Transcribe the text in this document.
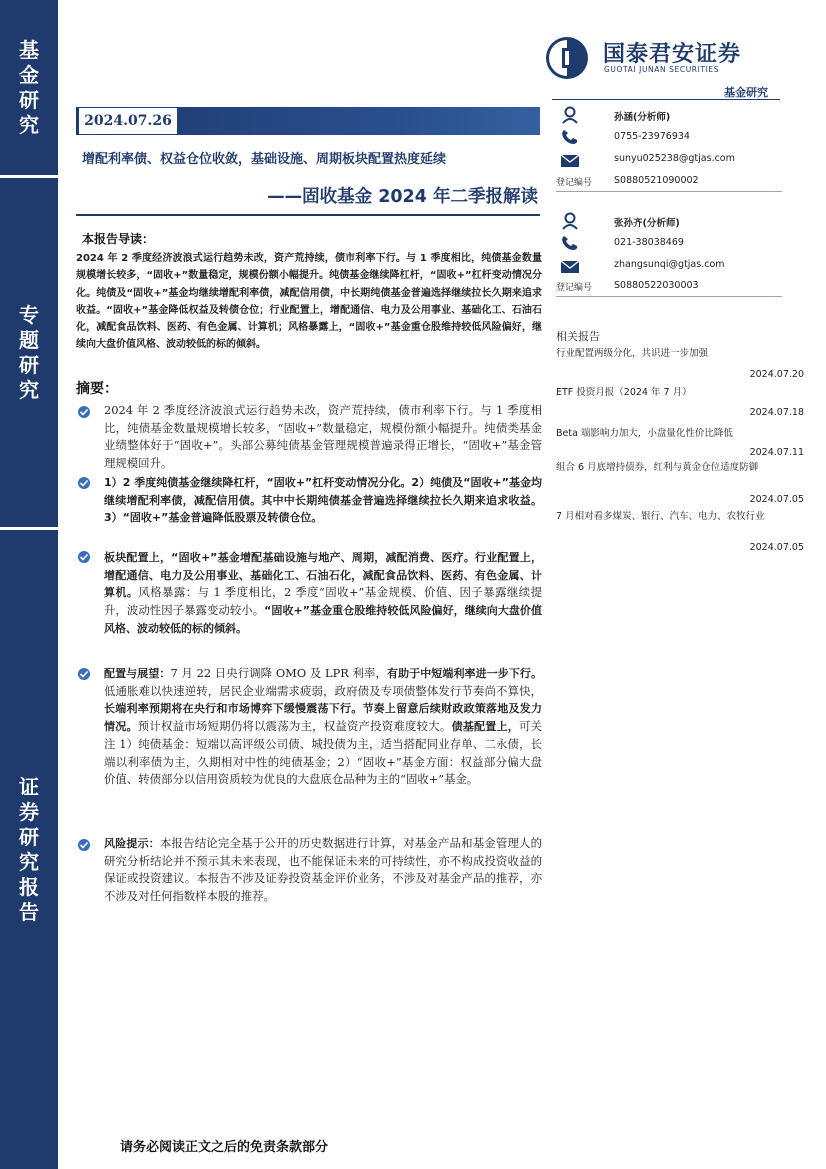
基
金
研
究
专
题
研
究
证
券
研
究
报
告
国泰君安证券
GUOTAI JUNAN SECURITIES
基金研究
2024.07.26
增配利率债、权益仓位收敛，基础设施、周期板块配置热度延续
——固收基金 2024 年二季报解读
本报告导读：
2024 年 2 季度经济波浪式运行趋势未改，资产荒持续，债市利率下行。与 1 季度相比，纯债基金数量规模增长较多，“固收+”数量稳定，规模份额小幅提升。纯债基金继续降杠杆，“固收+”杠杆变动情况分化。纯债及“固收+”基金均继续增配利率债，减配信用债，中长期纯债基金普遍选择继续拉长久期来追求收益。“固收+”基金降低权益及转债仓位；行业配置上，增配通信、电力及公用事业、基础化工、石油石化，减配食品饮料、医药、有色金属、计算机；风格暴露上，“固收+”基金重仓股维持较低风险偏好，继续向大盘价值风格、波动较低的标的倾斜。
摘要：
2024 年 2 季度经济波浪式运行趋势未改，资产荒持续，债市利率下行。与 1 季度相比，纯债基金数量规模增长较多，“固收+”数量稳定，规模份额小幅提升。纯债类基金业绩整体好于“固收+”。头部公募纯债基金管理规模普遍录得正增长，“固收+”基金管理规模回升。
1）2 季度纯债基金继续降杠杆，“固收+”杠杆变动情况分化。2）纯债及“固收+”基金均继续增配利率债，减配信用债。其中中长期纯债基金普遍选择继续拉长久期来追求收益。3）“固收+”基金普遍降低股票及转债仓位。
板块配置上，“固收+”基金增配基础设施与地产、周期，减配消费、医疗。行业配置上，增配通信、电力及公用事业、基础化工、石油石化，减配食品饮料、医药、有色金属、计算机。风格暴露：与 1 季度相比，2 季度“固收+”基金规模、价值、因子暴露继续提升，波动性因子暴露变动较小。“固收+”基金重仓股维持较低风险偏好，继续向大盘价值风格、波动较低的标的倾斜。
配置与展望：7 月 22 日央行调降 OMO 及 LPR 利率，有助于中短端利率进一步下行。低通胀难以快速逆转，居民企业端需求疲弱，政府债及专项债整体发行节奏尚不算快，长端利率预期将在央行和市场博弈下缓慢震荡下行。节奏上留意后续财政政策落地及发力情况。预计权益市场短期仍将以震荡为主，权益资产投资难度较大。债基配置上，可关注 1）纯债基金：短端以高评级公司债、城投债为主，适当搭配同业存单、二永债，长端以利率债为主，久期相对中性的纯债基金；2）“固收+”基金方面：权益部分偏大盘价值、转债部分以信用资质较为优良的大盘底仓品种为主的“固收+”基金。
风险提示：本报告结论完全基于公开的历史数据进行计算，对基金产品和基金管理人的研究分析结论并不预示其未来表现，也不能保证未来的可持续性，亦不构成投资收益的保证或投资建议。本报告不涉及证券投资基金评价业务，不涉及对基金产品的推荐，亦不涉及对任何指数样本股的推荐。
孙涵(分析师)
0755-23976934
sunyu025238@gtjas.com
登记编号 S0880521090002
张孙齐(分析师)
021-38038469
zhangsunqi@gtjas.com
登记编号 S0880522030003
相关报告
行业配置两级分化，共识进一步加强
2024.07.20
ETF 投资月报（2024 年 7 月）
2024.07.18
Beta 端影响力加大，小盘量化性价比降低
2024.07.11
组合 6 月底增持债券，红利与黄金仓位适度防御
2024.07.05
7 月相对看多煤炭、银行、汽车、电力、农牧行业
2024.07.05
请务必阅读正文之后的免责条款部分
